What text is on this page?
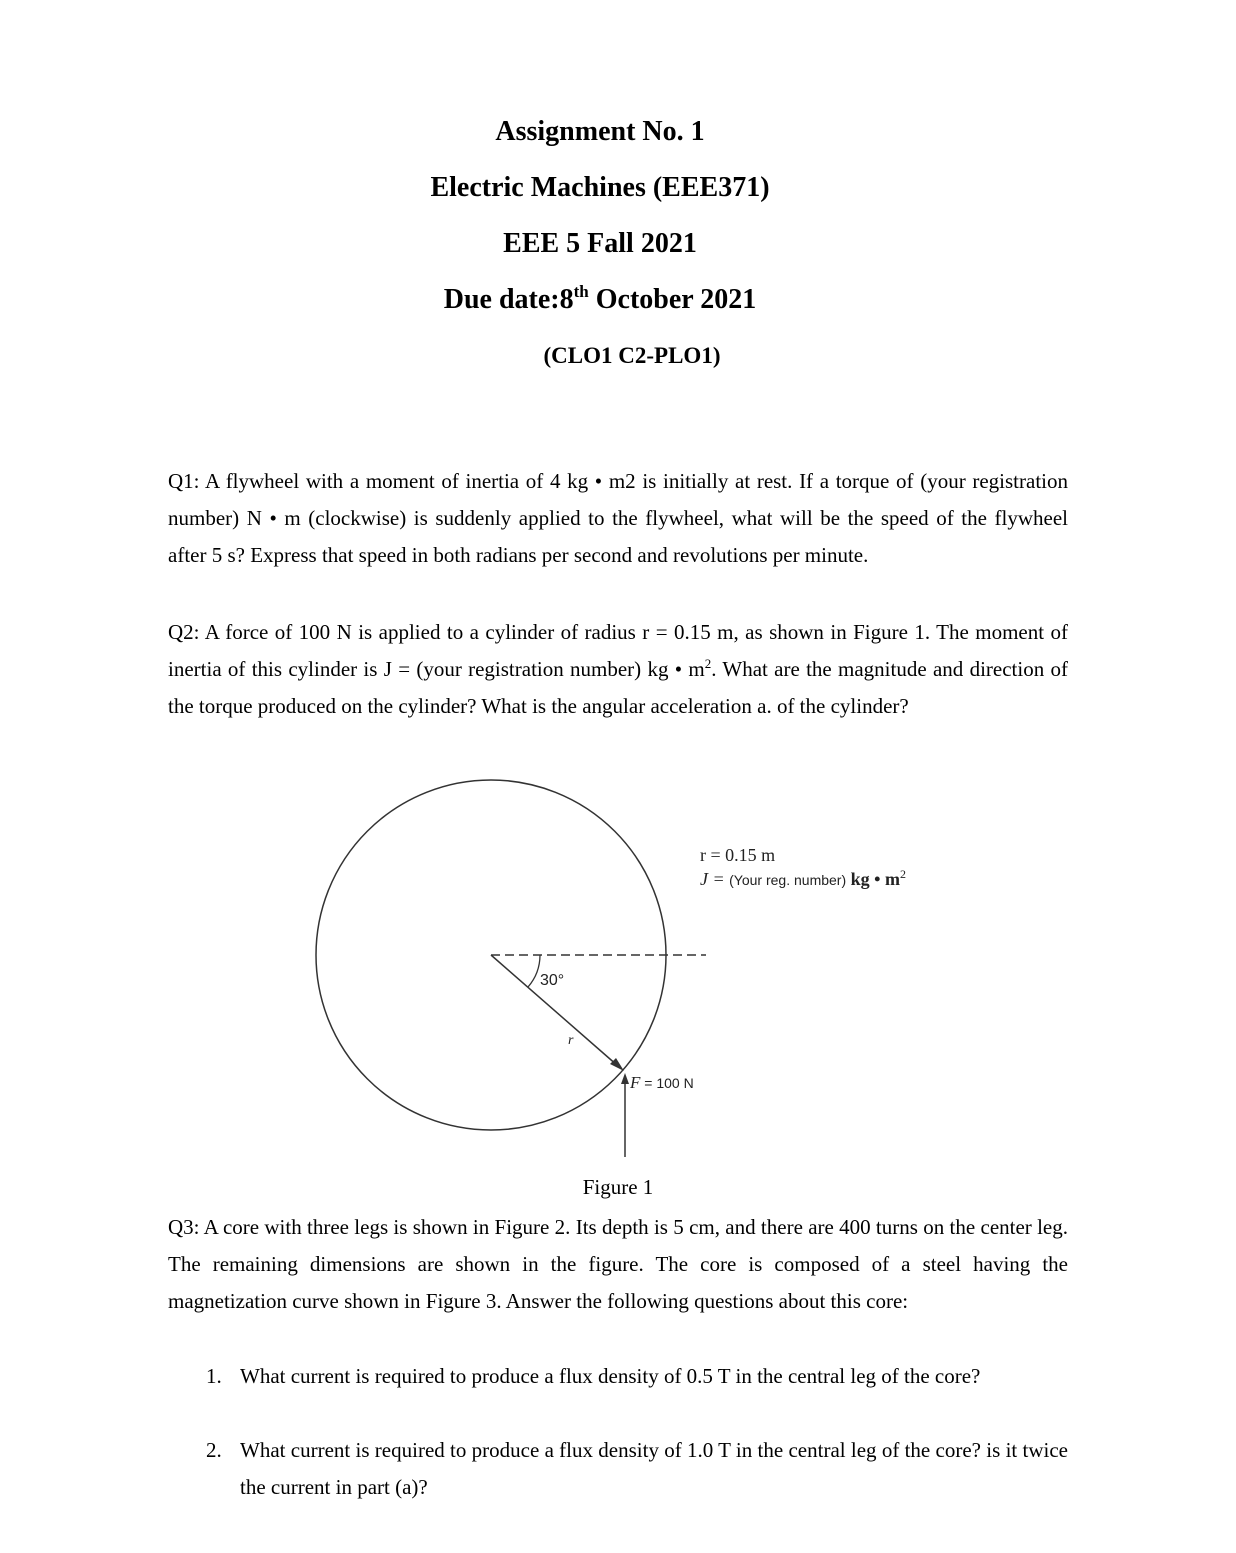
Assignment No. 1

Electric Machines (EEE371)

EEE 5 Fall 2021

Due date:8th October 2021

(CLO1 C2-PLO1)

Q1: A flywheel with a moment of inertia of 4 kg • m2 is initially at rest. If a torque of (your registration number) N • m (clockwise) is suddenly applied to the flywheel, what will be the speed of the flywheel after 5 s? Express that speed in both radians per second and revolutions per minute.

Q2: A force of 100 N is applied to a cylinder of radius r = 0.15 m, as shown in Figure 1. The moment of inertia of this cylinder is J = (your registration number) kg • $m^2$. What are the magnitude and direction of the torque produced on the cylinder? What is the angular acceleration a. of the cylinder?

30°
r
r = 0.15 m
J = (Your reg. number) kg • $m^2$
F = 100 N

Figure 1

Q3: A core with three legs is shown in Figure 2. Its depth is 5 cm, and there are 400 turns on the center leg. The remaining dimensions are shown in the figure. The core is composed of a steel having the magnetization curve shown in Figure 3. Answer the following questions about this core:

1. What current is required to produce a flux density of 0.5 T in the central leg of the core?

2. What current is required to produce a flux density of 1.0 T in the central leg of the core? is it twice the current in part (a)?
